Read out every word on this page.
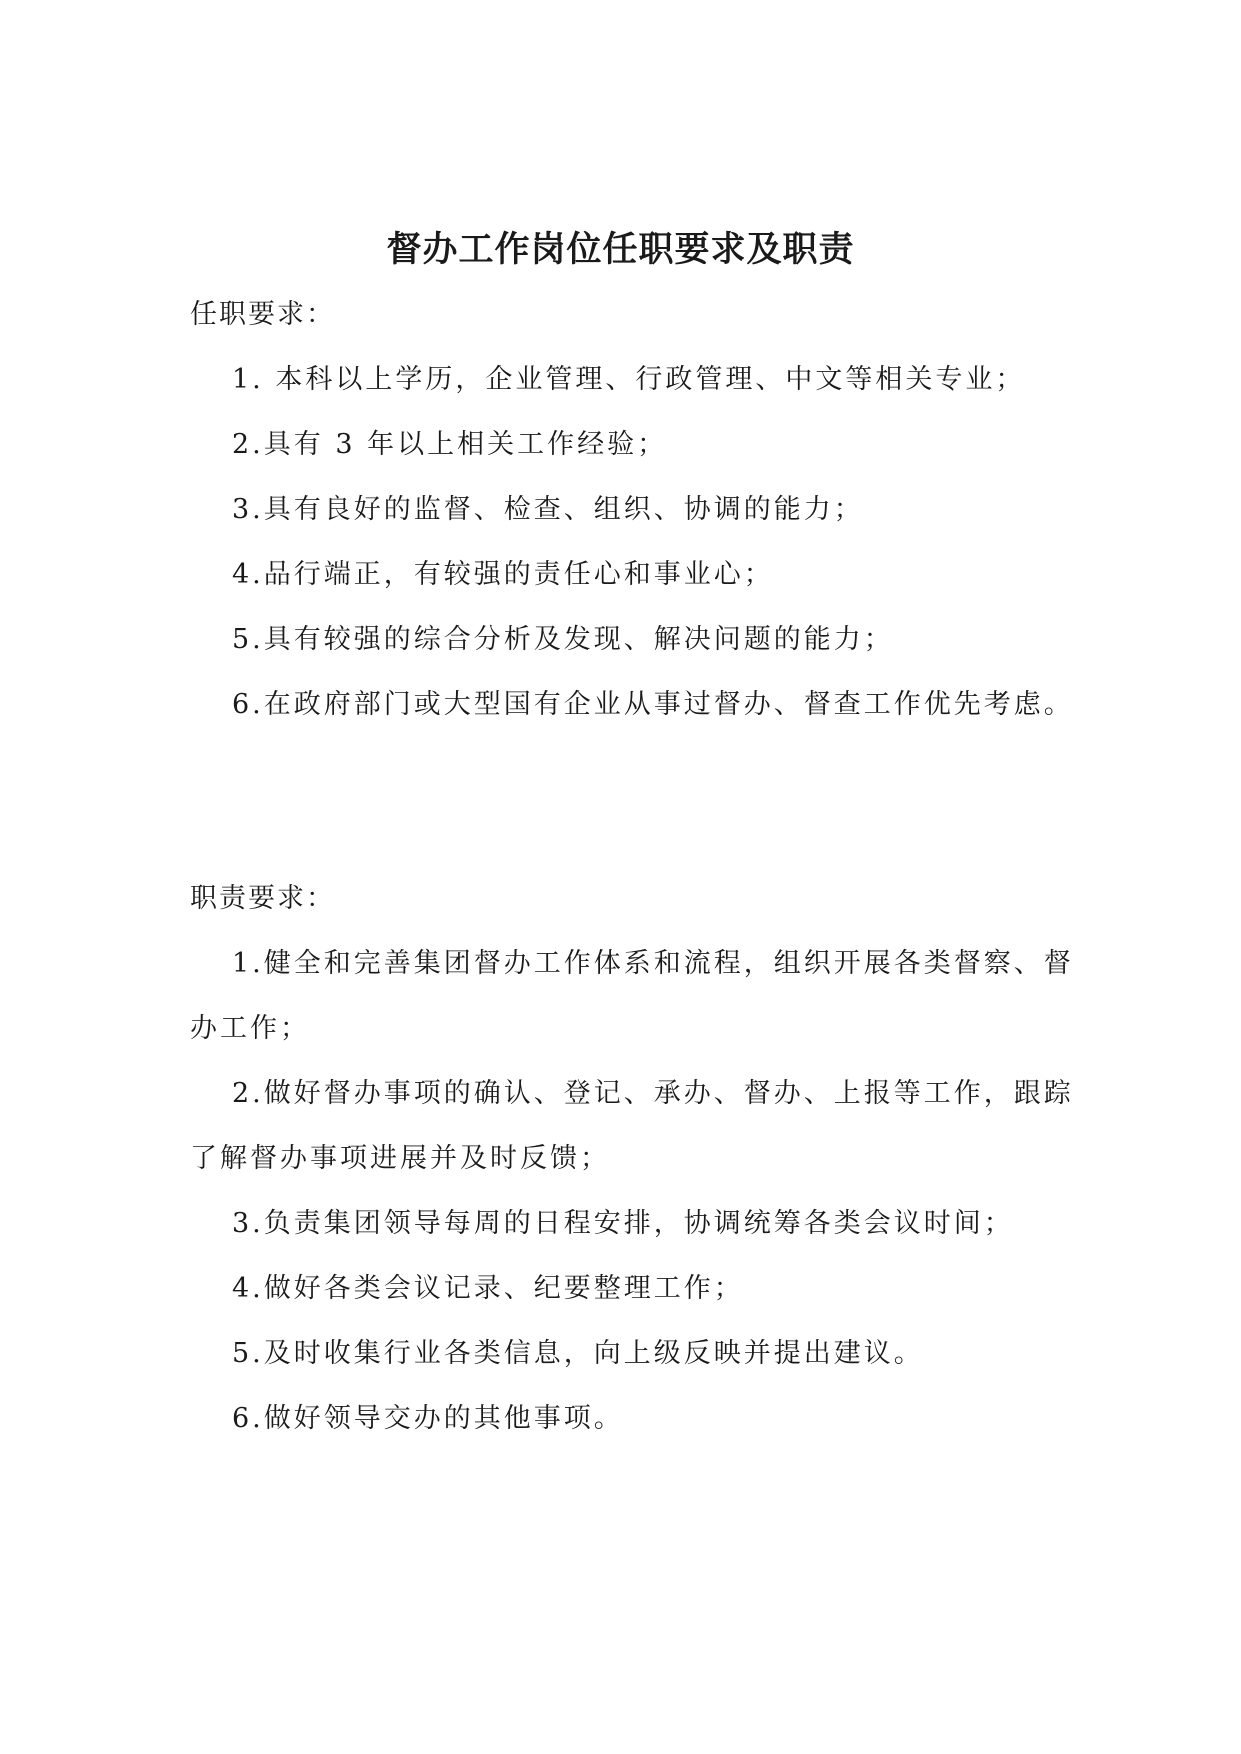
督办工作岗位任职要求及职责
任职要求：
1. 本科以上学历，企业管理、行政管理、中文等相关专业；
2.具有 3 年以上相关工作经验；
3.具有良好的监督、检查、组织、协调的能力；
4.品行端正，有较强的责任心和事业心；
5.具有较强的综合分析及发现、解决问题的能力；
6.在政府部门或大型国有企业从事过督办、督查工作优先考虑。
职责要求：
1.健全和完善集团督办工作体系和流程，组织开展各类督察、督办工作；
2.做好督办事项的确认、登记、承办、督办、上报等工作，跟踪了解督办事项进展并及时反馈；
3.负责集团领导每周的日程安排，协调统筹各类会议时间；
4.做好各类会议记录、纪要整理工作；
5.及时收集行业各类信息，向上级反映并提出建议。
6.做好领导交办的其他事项。
